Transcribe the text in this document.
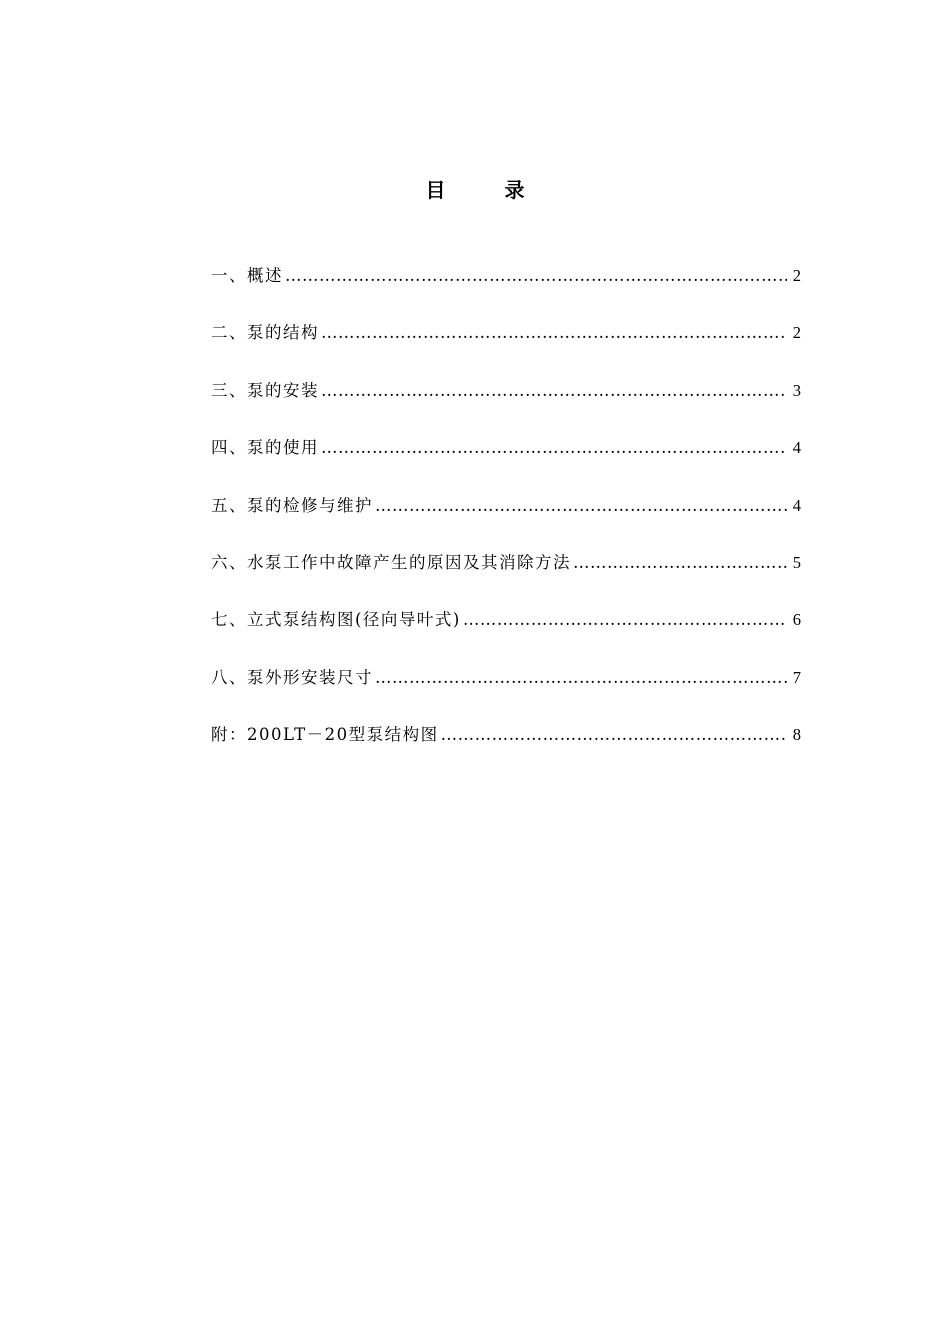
目 录
一、概述 ……………………………………………………………………………………………………………………………………………………	2
二、泵的结构 ……………………………………………………………………………………………………………………………………………………	2
三、泵的安装 ……………………………………………………………………………………………………………………………………………………	3
四、泵的使用 ……………………………………………………………………………………………………………………………………………………	4
五、泵的检修与维护 ……………………………………………………………………………………………………………………………………………………	4
六、水泵工作中故障产生的原因及其消除方法 ……………………………………………………………………………………………………………………………………………………	5
七、立式泵结构图(径向导叶式) ……………………………………………………………………………………………………………………………………………………	6
八、泵外形安装尺寸 ……………………………………………………………………………………………………………………………………………………	7
附：200LT－20型泵结构图 ……………………………………………………………………………………………………………………………………………………	8
